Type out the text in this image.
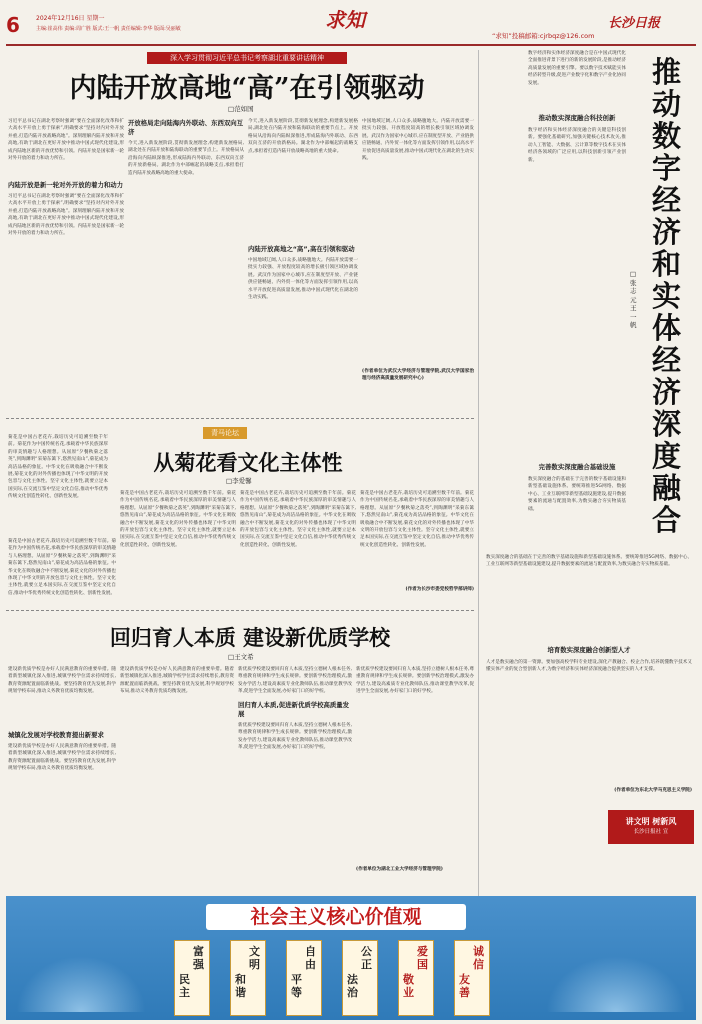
6	2024年12月16日 星期一
主编:崔高伟 责编:周广胜 版式:王一帆 责任编辑:李华 版面:吴丽敏	求知	长沙日报
“求知”投稿邮箱:cjrbqz@126.com
深入学习贯彻习近平总书记考察湖北重要讲话精神
内陆开放高地“高”在引领驱动
□范如国
习近平总书记在湖北考察时强调“要在全面深化改革和扩大高水平开放上勇于探索”,明确要求“坚持对内对外开放并重,打造内陆开放战略高地”。深刻理解内陆开放和开放高地,有助于湖北在更好开放中推动中国式现代化建设,形成内陆地区新的开放优势和引领。内陆开放是国家新一轮对外开放的着力和动力所在。
内陆开放是新一轮对外开放的着力和动力
习近平总书记在湖北考察时强调“要在全面深化改革和扩大高水平开放上勇于探索”,明确要求“坚持对内对外开放并重,打造内陆开放战略高地”。深刻理解内陆开放和开放高地,有助于湖北在更好开放中推动中国式现代化建设,形成内陆地区新的开放优势和引领。内陆开放是国家新一轮对外开放的着力和动力所在。
开放格局走向陆海内外联动、东西双向互济
今天,进入新发展阶段,贯彻新发展理念,构建新发展格局,湖北处在内陆开放和陆海联动的重要节点上。开放格局从沿海向内陆纵深推进,形成陆海内外联动、东西双向互济的开放新格局。湖北作为中部崛起的战略支点,承担着打造内陆开放战略高地的重大使命。
今天,进入新发展阶段,贯彻新发展理念,构建新发展格局,湖北处在内陆开放和陆海联动的重要节点上。开放格局从沿海向内陆纵深推进,形成陆海内外联动、东西双向互济的开放新格局。湖北作为中部崛起的战略支点,承担着打造内陆开放战略高地的重大使命。
内陆开放高地之“高”,高在引领和驱动
中国地域辽阔,人口众多,战略腹地大。内陆开放需要一批实力较强、开放程度较高的增长极引领区域协调发展。武汉作为国家中心城市,应在制度型开放、产业链供应链畅通、内外贸一体化等方面发挥引领作用,以高水平开放促进高质量发展,推动中国式现代化在湖北的生动实践。
中国地域辽阔,人口众多,战略腹地大。内陆开放需要一批实力较强、开放程度较高的增长极引领区域协调发展。武汉作为国家中心城市,应在制度型开放、产业链供应链畅通、内外贸一体化等方面发挥引领作用,以高水平开放促进高质量发展,推动中国式现代化在湖北的生动实践。
(作者单位为武汉大学经济与管理学院,武汉大学国家治理与经济高质量发展研究中心)
推动数字经济和实体经济深度融合
□张志元 王一帆
数字经济和实体经济深度融合是在中国式现代化全面推进背景下进行的新的发展阶段,是推动经济高质量发展的重要引擎。要以数字技术赋能实体经济转型升级,促进产业数字化和数字产业化协同发展。
推动数实深度融合科技创新
数字经济和实体经济深度融合的关键是科技创新。要强化基础研究,加强关键核心技术攻关,推动人工智能、大数据、云计算等数字技术在实体经济各领域的广泛应用,以科技创新引领产业创新。
完善数实深度融合基础设施
数实深度融合的基础在于完善的数字基础设施和新型基础设施体系。要统筹推进5G网络、数据中心、工业互联网等新型基础设施建设,提升数据要素的流通与配置效率,为数实融合夯实物质基础。
数实深度融合的基础在于完善的数字基础设施和新型基础设施体系。要统筹推进5G网络、数据中心、工业互联网等新型基础设施建设,提升数据要素的流通与配置效率,为数实融合夯实物质基础。
培育数实深度融合创新型人才
人才是数实融合的第一资源。要加强高校学科专业建设,深化产教融合、校企合作,培养既懂数字技术又懂实体产业的复合型创新人才,为数字经济和实体经济深度融合提供坚实的人才支撑。
(作者单位为东北大学马克思主义学院)
青马论坛
从菊花看文化主体性
□李爱馨
菊花是中国古老花卉,栽培历史可追溯至数千年前。菊花作为中国传统名花,承载着中华民族深厚的审美情趣与人格理想。从屈原“夕餐秋菊之落英”,到陶渊明“采菊东篱下,悠然见南山”,菊花成为高洁品格的象征。中华文化在吸收融合中不断发展,菊花文化的对外传播也体现了中华文明的开放包容与文化主体性。坚守文化主体性,就要立足本国实际,在交流互鉴中坚定文化自信,推动中华优秀传统文化创造性转化、创新性发展。
菊花是中国古老花卉,栽培历史可追溯至数千年前。菊花作为中国传统名花,承载着中华民族深厚的审美情趣与人格理想。从屈原“夕餐秋菊之落英”,到陶渊明“采菊东篱下,悠然见南山”,菊花成为高洁品格的象征。中华文化在吸收融合中不断发展,菊花文化的对外传播也体现了中华文明的开放包容与文化主体性。坚守文化主体性,就要立足本国实际,在交流互鉴中坚定文化自信,推动中华优秀传统文化创造性转化、创新性发展。
菊花是中国古老花卉,栽培历史可追溯至数千年前。菊花作为中国传统名花,承载着中华民族深厚的审美情趣与人格理想。从屈原“夕餐秋菊之落英”,到陶渊明“采菊东篱下,悠然见南山”,菊花成为高洁品格的象征。中华文化在吸收融合中不断发展,菊花文化的对外传播也体现了中华文明的开放包容与文化主体性。坚守文化主体性,就要立足本国实际,在交流互鉴中坚定文化自信,推动中华优秀传统文化创造性转化、创新性发展。
菊花是中国古老花卉,栽培历史可追溯至数千年前。菊花作为中国传统名花,承载着中华民族深厚的审美情趣与人格理想。从屈原“夕餐秋菊之落英”,到陶渊明“采菊东篱下,悠然见南山”,菊花成为高洁品格的象征。中华文化在吸收融合中不断发展,菊花文化的对外传播也体现了中华文明的开放包容与文化主体性。坚守文化主体性,就要立足本国实际,在交流互鉴中坚定文化自信,推动中华优秀传统文化创造性转化、创新性发展。
菊花是中国古老花卉,栽培历史可追溯至数千年前。菊花作为中国传统名花,承载着中华民族深厚的审美情趣与人格理想。从屈原“夕餐秋菊之落英”,到陶渊明“采菊东篱下,悠然见南山”,菊花成为高洁品格的象征。中华文化在吸收融合中不断发展,菊花文化的对外传播也体现了中华文明的开放包容与文化主体性。坚守文化主体性,就要立足本国实际,在交流互鉴中坚定文化自信,推动中华优秀传统文化创造性转化、创新性发展。
(作者为长沙市委党校哲学部讲师)
回归育人本质 建设新优质学校
□王文希
建设新优质学校是办好人民满意教育的重要举措。随着新型城镇化深入推进,城镇学校学位需求持续增长,教育资源配置面临新挑战。要坚持教育优先发展,科学规划学校布局,推动义务教育优质均衡发展。
城镇化发展对学校教育提出新要求
建设新优质学校是办好人民满意教育的重要举措。随着新型城镇化深入推进,城镇学校学位需求持续增长,教育资源配置面临新挑战。要坚持教育优先发展,科学规划学校布局,推动义务教育优质均衡发展。
建设新优质学校是办好人民满意教育的重要举措。随着新型城镇化深入推进,城镇学校学位需求持续增长,教育资源配置面临新挑战。要坚持教育优先发展,科学规划学校布局,推动义务教育优质均衡发展。
新优质学校建设要回归育人本质,坚持立德树人根本任务,尊重教育规律和学生成长规律。要创新学校治理模式,激发办学活力,建设高素质专业化教师队伍,推动课堂教学改革,促进学生全面发展,办好家门口的好学校。
回归育人本质,促进新优质学校高质量发展
新优质学校建设要回归育人本质,坚持立德树人根本任务,尊重教育规律和学生成长规律。要创新学校治理模式,激发办学活力,建设高素质专业化教师队伍,推动课堂教学改革,促进学生全面发展,办好家门口的好学校。
新优质学校建设要回归育人本质,坚持立德树人根本任务,尊重教育规律和学生成长规律。要创新学校治理模式,激发办学活力,建设高素质专业化教师队伍,推动课堂教学改革,促进学生全面发展,办好家门口的好学校。
(作者单位为湖北工业大学经济与管理学院)
讲文明 树新风
长沙日报社 宣
社会主义核心价值观
富强
民主
文明
和谐
自由
平等
公正
法治
爱国
敬业
诚信
友善
